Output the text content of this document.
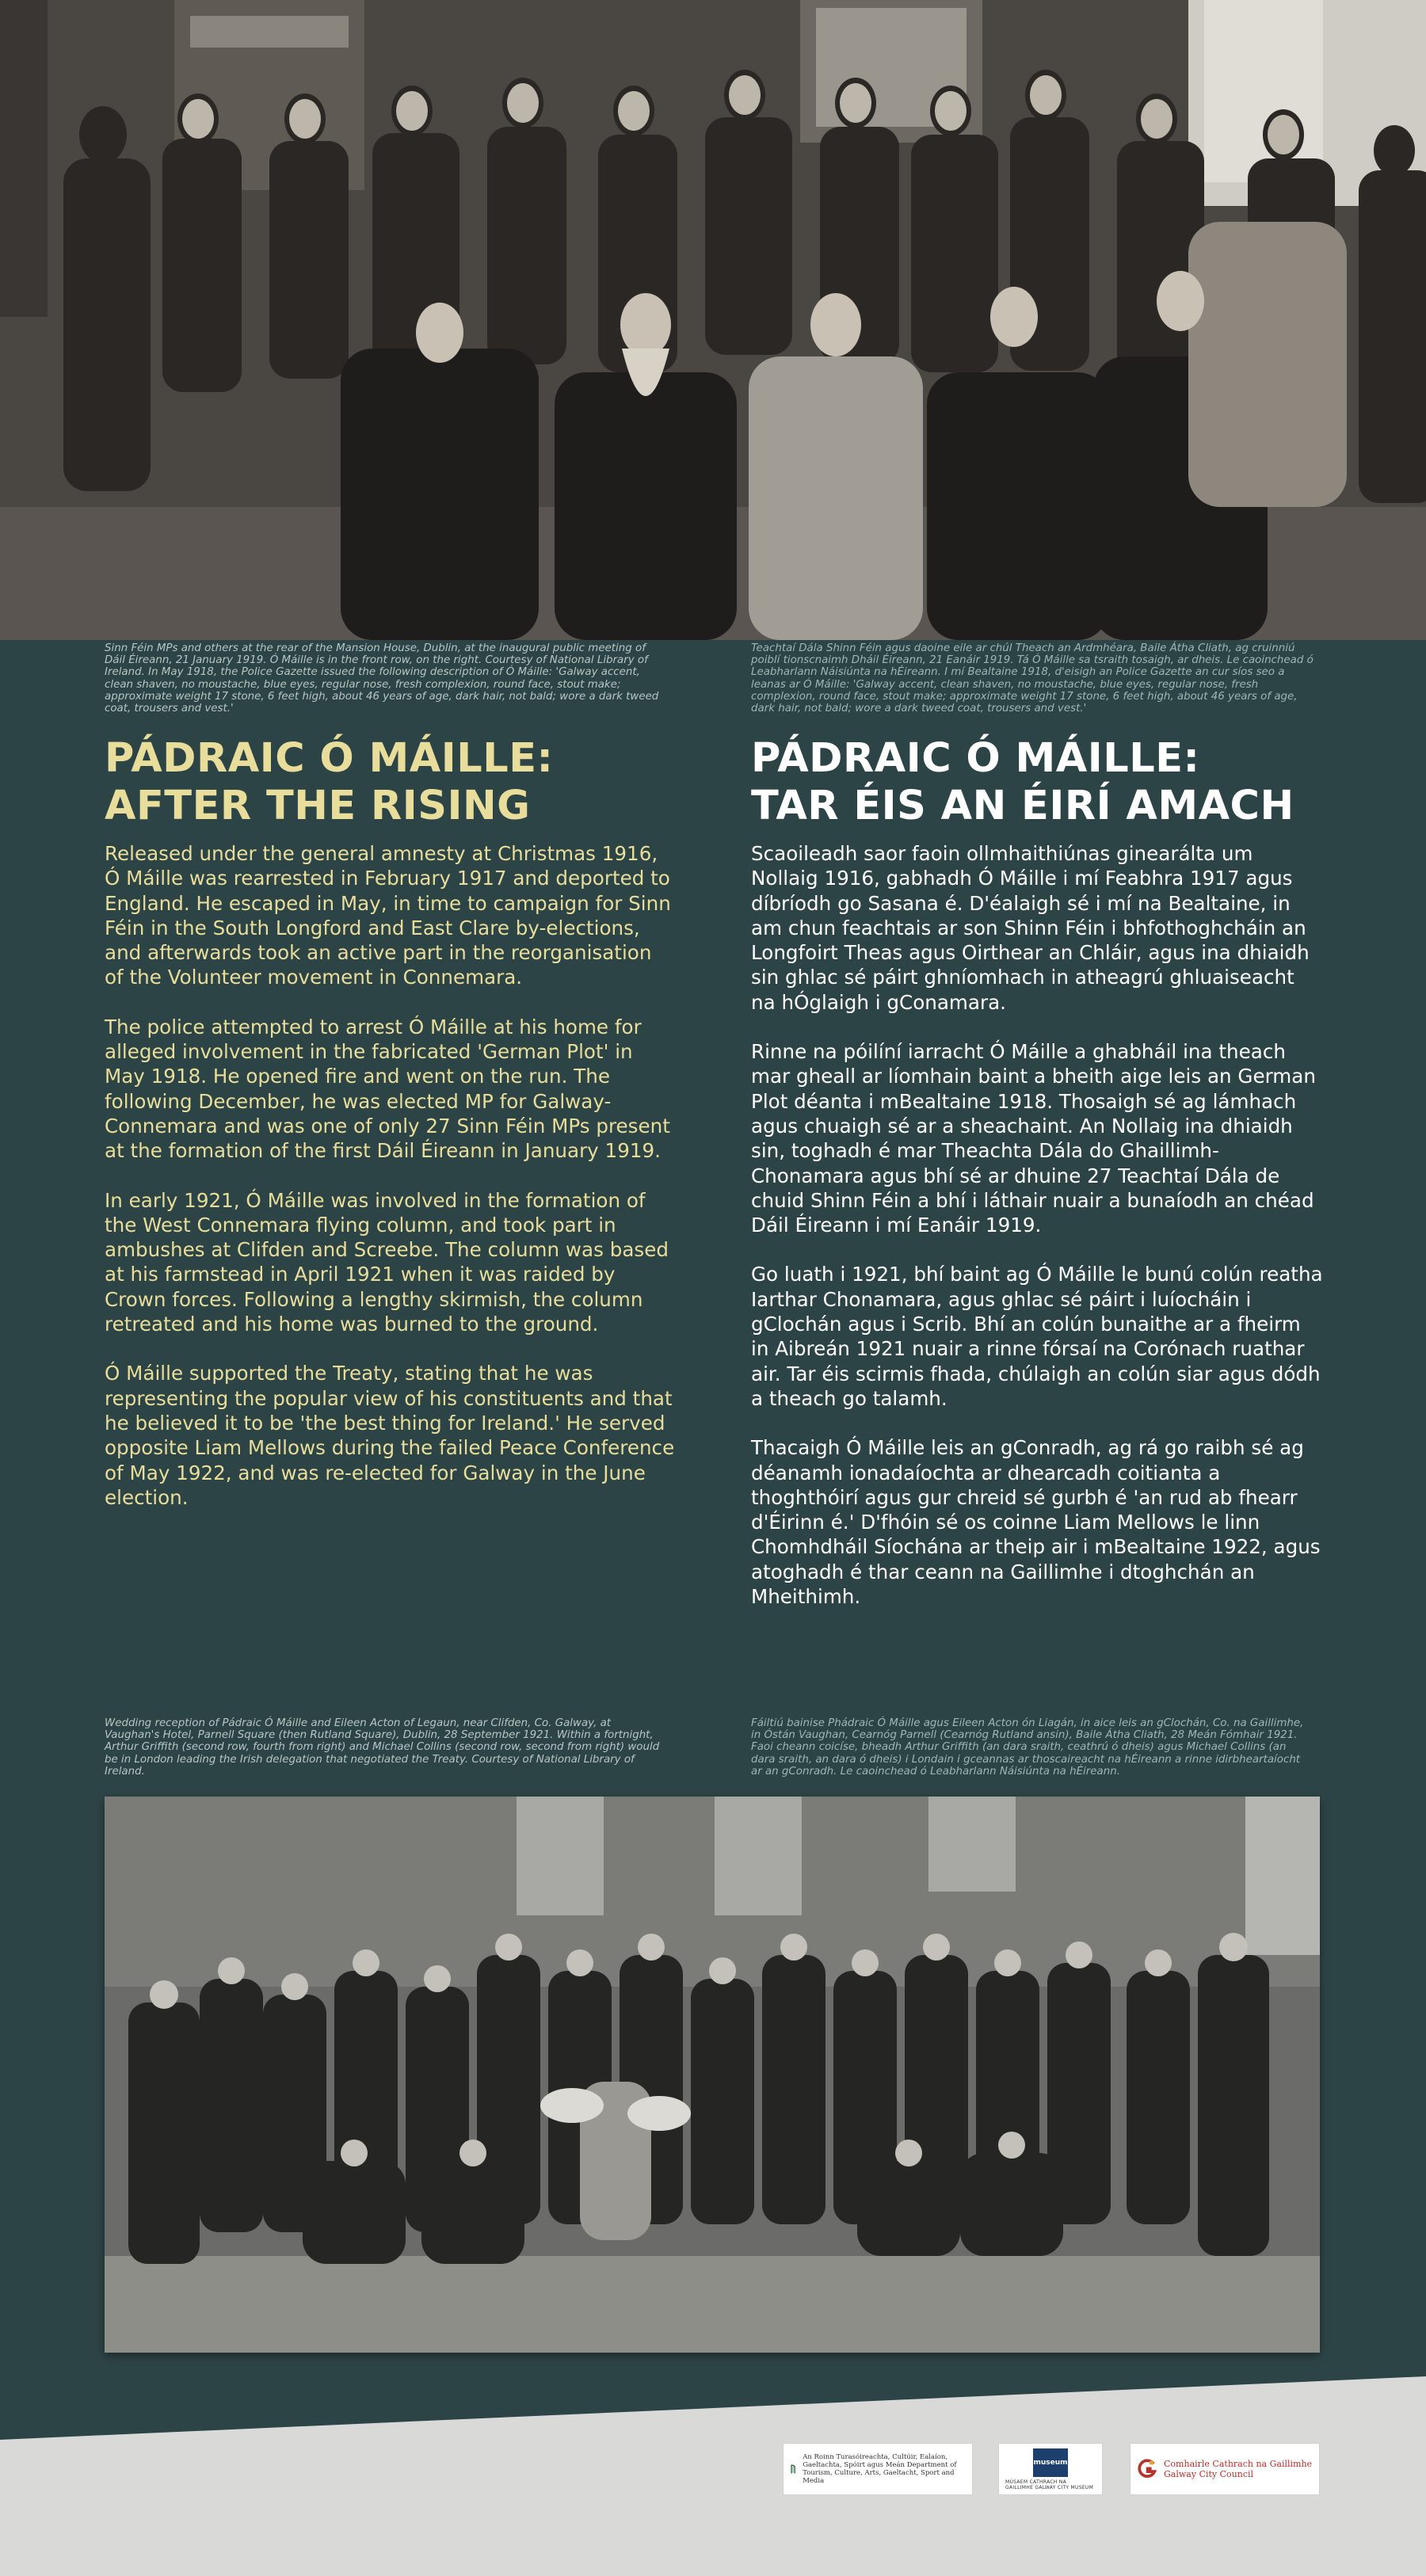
Sinn Féin MPs and others at the rear of the Mansion House, Dublin, at the inaugural public meeting of Dáil Éireann, 21 January 1919. Ó Máille is in the front row, on the right. Courtesy of National Library of Ireland. In May 1918, the Police Gazette issued the following description of Ó Máille: 'Galway accent, clean shaven, no moustache, blue eyes, regular nose, fresh complexion, round face, stout make; approximate weight 17 stone, 6 feet high, about 46 years of age, dark hair, not bald; wore a dark tweed coat, trousers and vest.'
Teachtaí Dála Shinn Féin agus daoine eile ar chúl Theach an Ardmhéara, Baile Átha Cliath, ag cruinniú poiblí tionscnaimh Dháil Éireann, 21 Eanáir 1919. Tá Ó Máille sa tsraith tosaigh, ar dheis. Le caoinchead ó Leabharlann Náisiúnta na hÉireann. I mí Bealtaine 1918, d'eisigh an Police Gazette an cur síos seo a leanas ar Ó Máille: 'Galway accent, clean shaven, no moustache, blue eyes, regular nose, fresh complexion, round face, stout make; approximate weight 17 stone, 6 feet high, about 46 years of age, dark hair, not bald; wore a dark tweed coat, trousers and vest.'
PÁDRAIC Ó MÁILLE:
AFTER THE RISING
PÁDRAIC Ó MÁILLE:
TAR ÉIS AN ÉIRÍ AMACH

Released under the general amnesty at Christmas 1916, Ó Máille was rearrested in February 1917 and deported to England. He escaped in May, in time to campaign for Sinn Féin in the South Longford and East Clare by-elections, and afterwards took an active part in the reorganisation of the Volunteer movement in Connemara.

The police attempted to arrest Ó Máille at his home for alleged involvement in the fabricated 'German Plot' in May 1918. He opened fire and went on the run. The following December, he was elected MP for Galway-Connemara and was one of only 27 Sinn Féin MPs present at the formation of the first Dáil Éireann in January 1919.

In early 1921, Ó Máille was involved in the formation of the West Connemara flying column, and took part in ambushes at Clifden and Screebe. The column was based at his farmstead in April 1921 when it was raided by Crown forces. Following a lengthy skirmish, the column retreated and his home was burned to the ground.

Ó Máille supported the Treaty, stating that he was representing the popular view of his constituents and that he believed it to be 'the best thing for Ireland.' He served opposite Liam Mellows during the failed Peace Conference of May 1922, and was re-elected for Galway in the June election.

Scaoileadh saor faoin ollmhaithiúnas ginearálta um Nollaig 1916, gabhadh Ó Máille i mí Feabhra 1917 agus díbríodh go Sasana é. D'éalaigh sé i mí na Bealtaine, in am chun feachtais ar son Shinn Féin i bhfothoghcháin an Longfoirt Theas agus Oirthear an Chláir, agus ina dhiaidh sin ghlac sé páirt ghníomhach in atheagrú ghluaiseacht na hÓglaigh i gConamara.

Rinne na póilíní iarracht Ó Máille a ghabháil ina theach mar gheall ar líomhain baint a bheith aige leis an German Plot déanta i mBealtaine 1918. Thosaigh sé ag lámhach agus chuaigh sé ar a sheachaint. An Nollaig ina dhiaidh sin, toghadh é mar Theachta Dála do Ghaillimh-Chonamara agus bhí sé ar dhuine 27 Teachtaí Dála de chuid Shinn Féin a bhí i láthair nuair a bunaíodh an chéad Dáil Éireann i mí Eanáir 1919.

Go luath i 1921, bhí baint ag Ó Máille le bunú colún reatha Iarthar Chonamara, agus ghlac sé páirt i luíocháin i gClochán agus i Scrib. Bhí an colún bunaithe ar a fheirm in Aibreán 1921 nuair a rinne fórsaí na Corónach ruathar air. Tar éis scirmis fhada, chúlaigh an colún siar agus dódh a theach go talamh.

Thacaigh Ó Máille leis an gConradh, ag rá go raibh sé ag déanamh ionadaíochta ar dhearcadh coitianta a thoghthóirí agus gur chreid sé gurbh é 'an rud ab fhearr d'Éirinn é.' D'fhóin sé os coinne Liam Mellows le linn Chomhdháil Síochána ar theip air i mBealtaine 1922, agus atoghadh é thar ceann na Gaillimhe i dtoghchán an Mheithimh.

Wedding reception of Pádraic Ó Máille and Eileen Acton of Legaun, near Clifden, Co. Galway, at Vaughan's Hotel, Parnell Square (then Rutland Square), Dublin, 28 September 1921. Within a fortnight, Arthur Griffith (second row, fourth from right) and Michael Collins (second row, second from right) would be in London leading the Irish delegation that negotiated the Treaty. Courtesy of National Library of Ireland.
Fáiltiú bainise Phádraic Ó Máille agus Eileen Acton ón Liagán, in aice leis an gClochán, Co. na Gaillimhe, in Óstán Vaughan, Cearnóg Parnell (Cearnóg Rutland ansin), Baile Átha Cliath, 28 Meán Fómhair 1921. Faoi cheann coicíse, bheadh Arthur Griffith (an dara sraith, ceathrú ó dheis) agus Michael Collins (an dara sraith, an dara ó dheis) i Londain i gceannas ar thoscaireacht na hÉireann a rinne idirbheartaíocht ar an gConradh. Le caoinchead ó Leabharlann Náisiúnta na hÉireann.
An Roinn Turasóireachta, Cultúir, Ealaíon, Gaeltachta, Spóirt agus Meán Department of Tourism, Culture, Arts, Gaeltacht, Sport and Media
museum
MÚSAEM CATHRACH NA GAILLIMHE GALWAY CITY MUSEUM
Comhairle Cathrach na Gaillimhe Galway City Council
